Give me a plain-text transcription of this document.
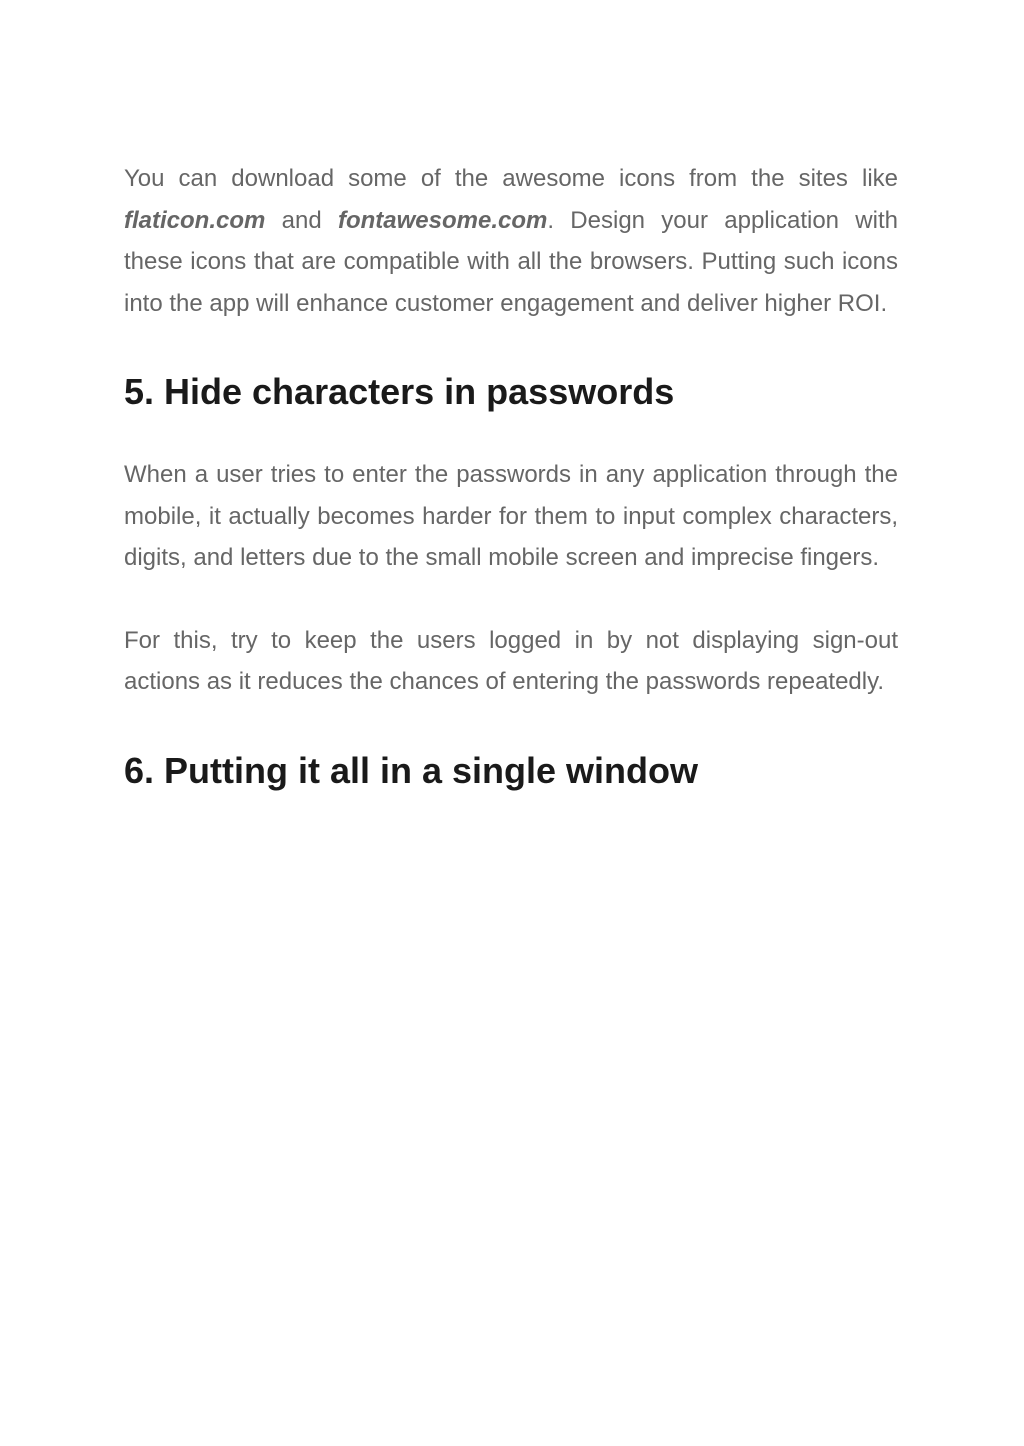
You can download some of the awesome icons from the sites like flaticon.com and fontawesome.com. Design your application with these icons that are compatible with all the browsers. Putting such icons into the app will enhance customer engagement and deliver higher ROI.

5. Hide characters in passwords

When a user tries to enter the passwords in any application through the mobile, it actually becomes harder for them to input complex characters, digits, and letters due to the small mobile screen and imprecise fingers.

For this, try to keep the users logged in by not displaying sign-out actions as it reduces the chances of entering the passwords repeatedly.

6. Putting it all in a single window
